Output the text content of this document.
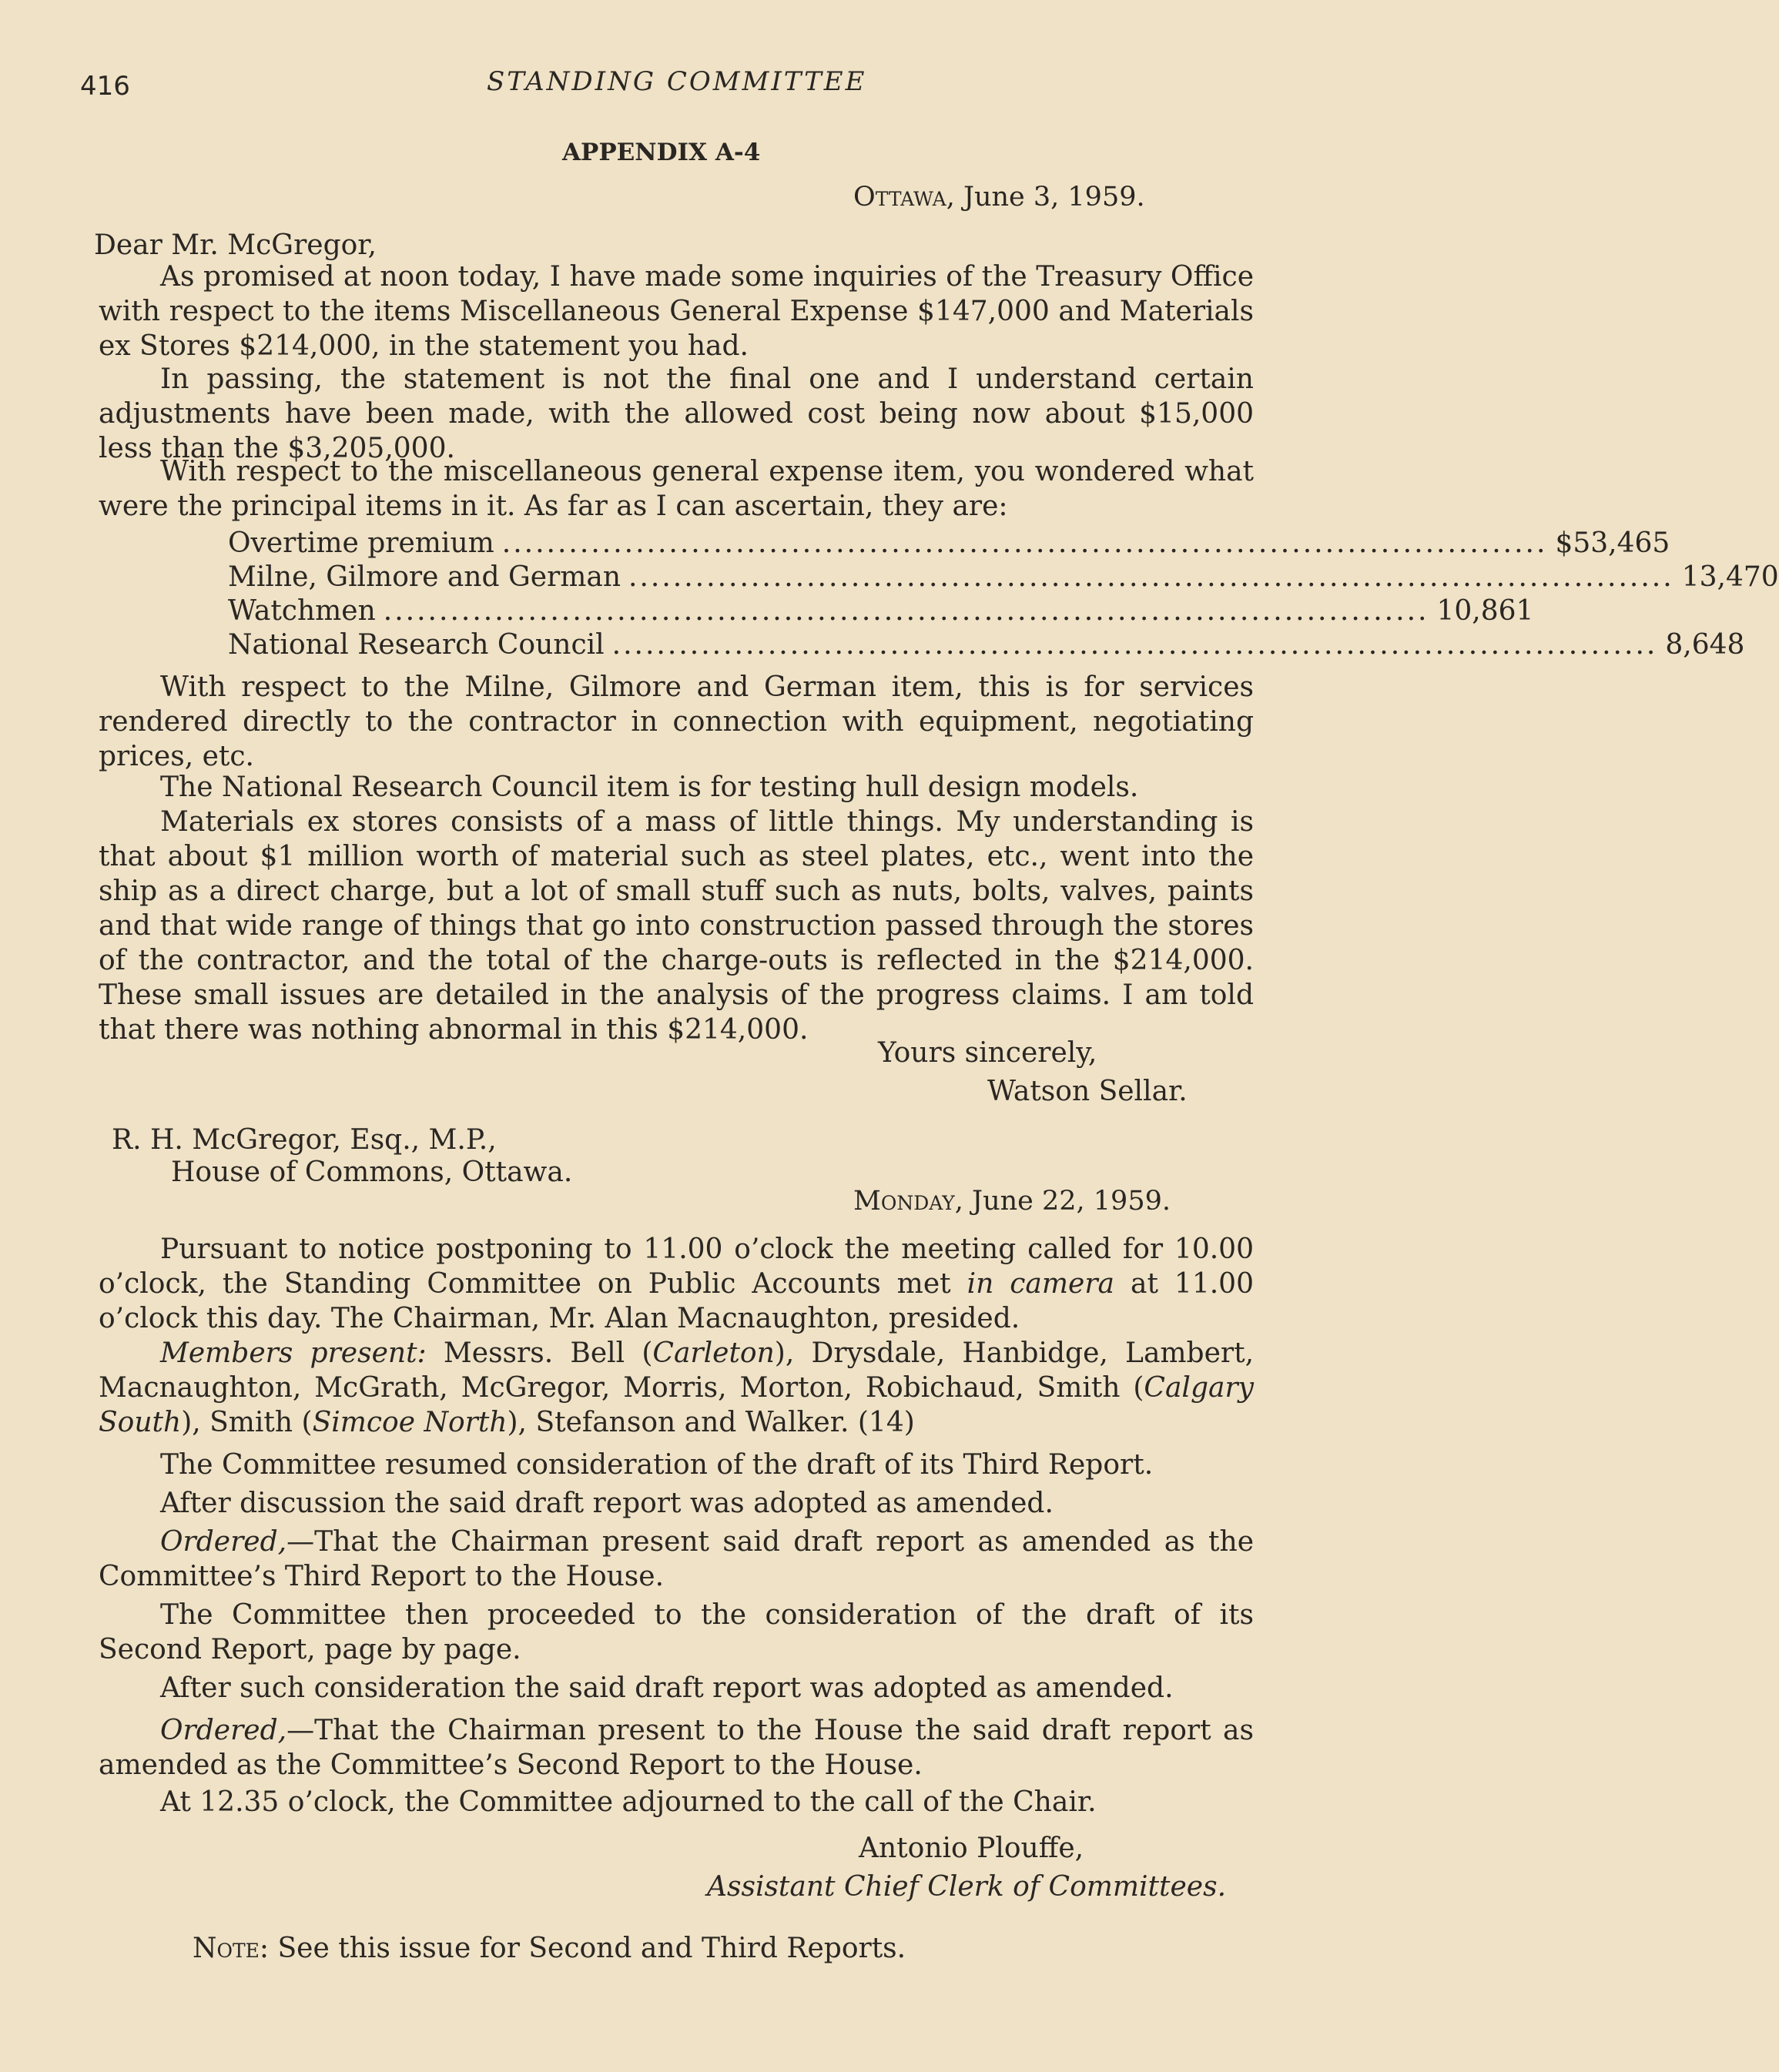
416	STANDING COMMITTEE
APPENDIX A-4
Ottawa, June 3, 1959.
Dear Mr. McGregor,

As promised at noon today, I have made some inquiries of the Treasury Office with respect to the items Miscellaneous General Expense $147,000 and Materials ex Stores $214,000, in the statement you had.

In passing, the statement is not the final one and I understand certain adjustments have been made, with the allowed cost being now about $15,000 less than the $3,205,000.

With respect to the miscellaneous general expense item, you wondered what were the principal items in it. As far as I can ascertain, they are:

Overtime premium .............................................................................................. $53,465
Milne, Gilmore and German .............................................................................................. 13,470
Watchmen .............................................................................................. 10,861
National Research Council .............................................................................................. 8,648

With respect to the Milne, Gilmore and German item, this is for services rendered directly to the contractor in connection with equipment, negotiating prices, etc.

The National Research Council item is for testing hull design models.

Materials ex stores consists of a mass of little things. My understanding is that about $1 million worth of material such as steel plates, etc., went into the ship as a direct charge, but a lot of small stuff such as nuts, bolts, valves, paints and that wide range of things that go into construction passed through the stores of the contractor, and the total of the charge-outs is reflected in the $214,000. These small issues are detailed in the analysis of the progress claims. I am told that there was nothing abnormal in this $214,000.

Yours sincerely,
Watson Sellar.
R. H. McGregor, Esq., M.P.,
House of Commons, Ottawa.
Monday, June 22, 1959.

Pursuant to notice postponing to 11.00 o’clock the meeting called for 10.00 o’clock, the Standing Committee on Public Accounts met in camera at 11.00 o’clock this day. The Chairman, Mr. Alan Macnaughton, presided.

Members present: Messrs. Bell (Carleton), Drysdale, Hanbidge, Lambert, Macnaughton, McGrath, McGregor, Morris, Morton, Robichaud, Smith (Calgary South), Smith (Simcoe North), Stefanson and Walker. (14)

The Committee resumed consideration of the draft of its Third Report.

After discussion the said draft report was adopted as amended.

Ordered,—That the Chairman present said draft report as amended as the Committee’s Third Report to the House.

The Committee then proceeded to the consideration of the draft of its Second Report, page by page.

After such consideration the said draft report was adopted as amended.

Ordered,—That the Chairman present to the House the said draft report as amended as the Committee’s Second Report to the House.

At 12.35 o’clock, the Committee adjourned to the call of the Chair.

Antonio Plouffe,
Assistant Chief Clerk of Committees.
Note: See this issue for Second and Third Reports.
